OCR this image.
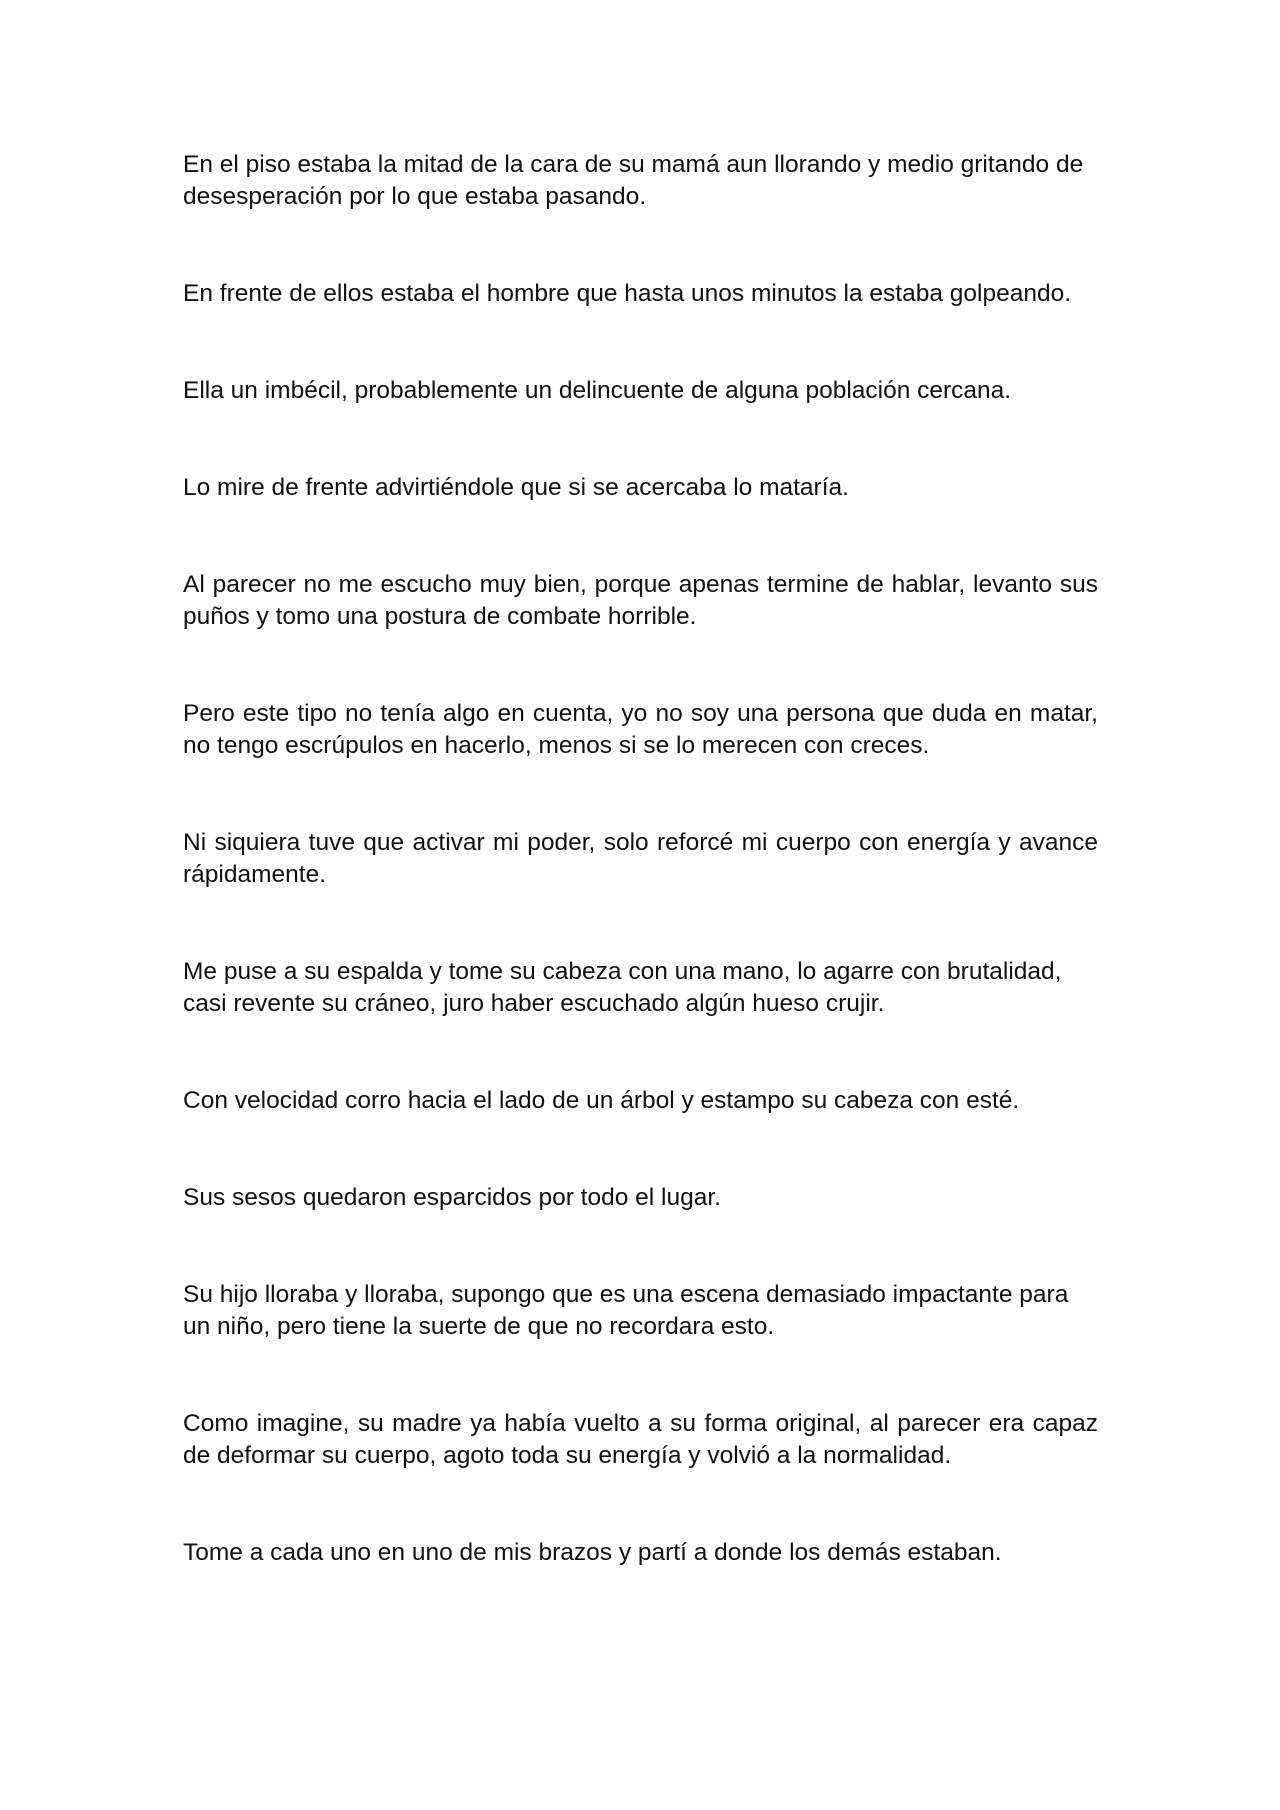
En el piso estaba la mitad de la cara de su mamá aun llorando y medio gritando de desesperación por lo que estaba pasando.

En frente de ellos estaba el hombre que hasta unos minutos la estaba golpeando.

Ella un imbécil, probablemente un delincuente de alguna población cercana.

Lo mire de frente advirtiéndole que si se acercaba lo mataría.

Al parecer no me escucho muy bien, porque apenas termine de hablar, levanto sus puños y tomo una postura de combate horrible.

Pero este tipo no tenía algo en cuenta, yo no soy una persona que duda en matar, no tengo escrúpulos en hacerlo, menos si se lo merecen con creces.

Ni siquiera tuve que activar mi poder, solo reforcé mi cuerpo con energía y avance rápidamente.

Me puse a su espalda y tome su cabeza con una mano, lo agarre con brutalidad, casi revente su cráneo, juro haber escuchado algún hueso crujir.

Con velocidad corro hacia el lado de un árbol y estampo su cabeza con esté.

Sus sesos quedaron esparcidos por todo el lugar.

Su hijo lloraba y lloraba, supongo que es una escena demasiado impactante para un niño, pero tiene la suerte de que no recordara esto.

Como imagine, su madre ya había vuelto a su forma original, al parecer era capaz de deformar su cuerpo, agoto toda su energía y volvió a la normalidad.

Tome a cada uno en uno de mis brazos y partí a donde los demás estaban.
